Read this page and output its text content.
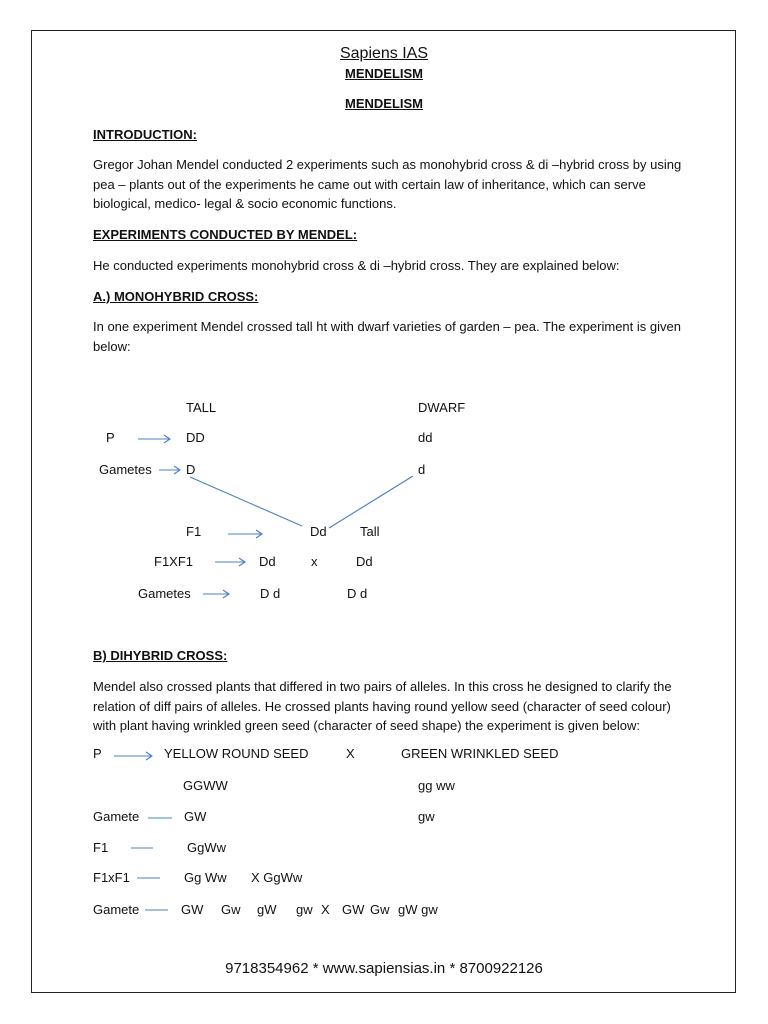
Sapiens IAS
MENDELISM
MENDELISM
INTRODUCTION:
Gregor Johan Mendel conducted 2 experiments such as monohybrid cross & di –hybrid cross by using pea – plants out of the experiments he came out with certain law of inheritance, which can serve biological, medico- legal & socio economic functions.
EXPERIMENTS CONDUCTED BY MENDEL:
He conducted experiments monohybrid cross & di –hybrid cross. They are explained below:
A.) MONOHYBRID CROSS:
In one experiment Mendel crossed tall ht with dwarf varieties of garden – pea. The experiment is given below:
TALL	DWARF
P	DD	dd
Gametes	D	d
F1	Dd	Tall
F1XF1	Dd	x	Dd
Gametes	D d	D d
B) DIHYBRID CROSS:
Mendel also crossed plants that differed in two pairs of alleles. In this cross he designed to clarify the relation of diff pairs of alleles. He crossed plants having round yellow seed (character of seed colour) with plant having wrinkled green seed (character of seed shape) the experiment is given below:
P	YELLOW ROUND SEED	X	GREEN WRINKLED SEED
GGWW	gg ww
Gamete	GW	gw
F1	GgWw
F1xF1	Gg Ww X GgWw
Gamete	GW Gw gW gw X GW Gw gW gw
9718354962 * www.sapiensias.in * 8700922126
